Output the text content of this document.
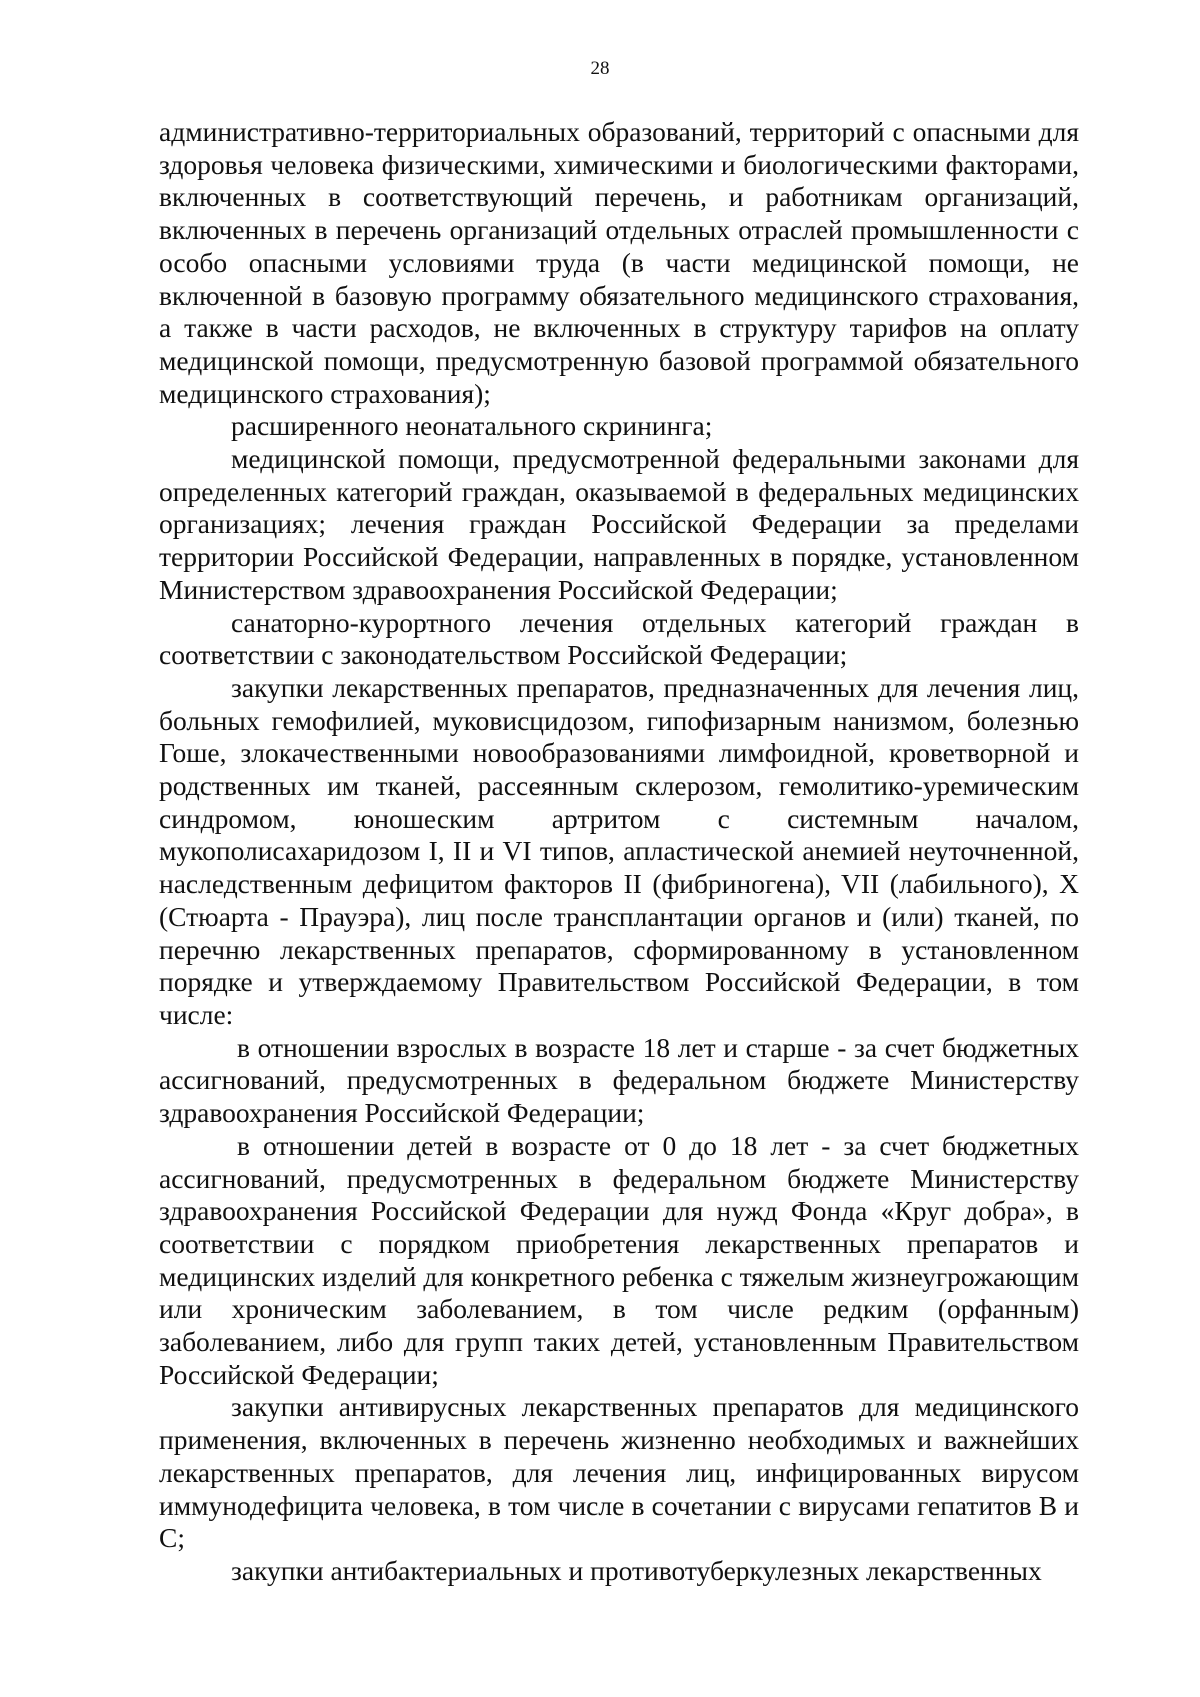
28

административно-территориальных образований, территорий с опасными для здоровья человека физическими, химическими и биологическими факторами, включенных в соответствующий перечень, и работникам организаций, включенных в перечень организаций отдельных отраслей промышленности с особо опасными условиями труда (в части медицинской помощи, не включенной в базовую программу обязательного медицинского страхования, а также в части расходов, не включенных в структуру тарифов на оплату медицинской помощи, предусмотренную базовой программой обязательного медицинского страхования);

расширенного неонатального скрининга;

медицинской помощи, предусмотренной федеральными законами для определенных категорий граждан, оказываемой в федеральных медицинских организациях; лечения граждан Российской Федерации за пределами территории Российской Федерации, направленных в порядке, установленном Министерством здравоохранения Российской Федерации;

санаторно-курортного лечения отдельных категорий граждан в соответствии с законодательством Российской Федерации;

закупки лекарственных препаратов, предназначенных для лечения лиц, больных гемофилией, муковисцидозом, гипофизарным нанизмом, болезнью Гоше, злокачественными новообразованиями лимфоидной, кроветворной и родственных им тканей, рассеянным склерозом, гемолитико-уремическим синдромом, юношеским артритом с системным началом, мукополисахаридозом I, II и VI типов, апластической анемией неуточненной, наследственным дефицитом факторов II (фибриногена), VII (лабильного), X (Стюарта - Прауэра), лиц после трансплантации органов и (или) тканей, по перечню лекарственных препаратов, сформированному в установленном порядке и утверждаемому Правительством Российской Федерации, в том числе:

в отношении взрослых в возрасте 18 лет и старше - за счет бюджетных ассигнований, предусмотренных в федеральном бюджете Министерству здравоохранения Российской Федерации;

в отношении детей в возрасте от 0 до 18 лет - за счет бюджетных ассигнований, предусмотренных в федеральном бюджете Министерству здравоохранения Российской Федерации для нужд Фонда «Круг добра», в соответствии с порядком приобретения лекарственных препаратов и медицинских изделий для конкретного ребенка с тяжелым жизнеугрожающим или хроническим заболеванием, в том числе редким (орфанным) заболеванием, либо для групп таких детей, установленным Правительством Российской Федерации;

закупки антивирусных лекарственных препаратов для медицинского применения, включенных в перечень жизненно необходимых и важнейших лекарственных препаратов, для лечения лиц, инфицированных вирусом иммунодефицита человека, в том числе в сочетании с вирусами гепатитов B и C;

закупки антибактериальных и противотуберкулезных лекарственных
